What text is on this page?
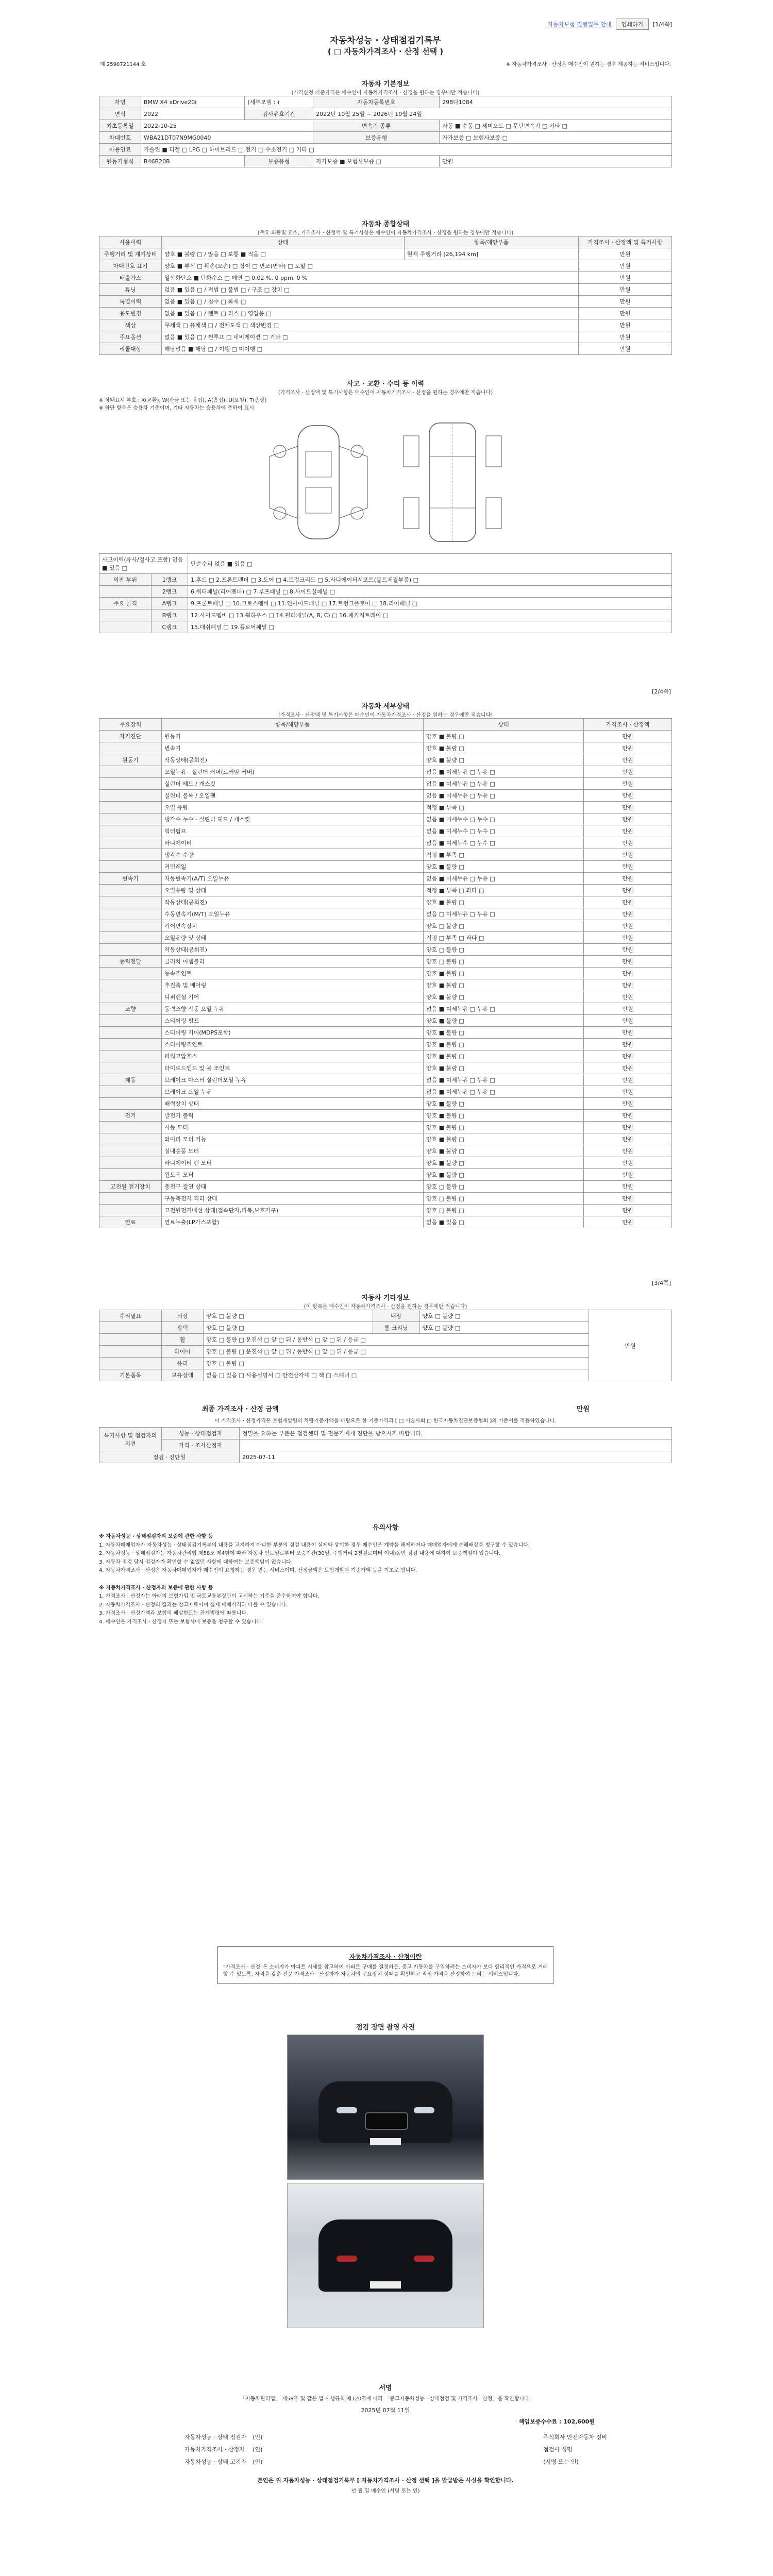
자동차보험 진행업무 안내	인쇄하기	[1/4쪽]
자동차성능 · 상태점검기록부
( □ 자동차가격조사 · 산정 선택 )
제 2590721144 호	※ 자동차가격조사 · 산정은 매수인이 원하는 경우 제공하는 서비스입니다.
자동차 기본정보
(가격산정 기준가격은 매수인이 자동차가격조사 · 산정을 원하는 경우에만 적습니다)
차명	BMW X4 xDrive20i	(세부모델 : )	자동차등록번호	298다1084
연식	2022	검사유효기간	2022년 10월 25일 ~ 2026년 10월 24일	
최초등록일	2022-10-25		변속기 종류	자동 ■ 수동 □ 세미오토 □ 무단변속기 □ 기타 □
차대번호	WBA21DT07N9MG0040		보증유형	자가보증 □ 보험사보증 □
사용연료	가솔린 ■ 디젤 □ LPG □ 하이브리드 □ 전기 □ 수소전기 □ 기타 □			
원동기형식	B46B20B	보증유형	자가보증 ■ 보험사보증 □	만원
자동차 종합상태
(주요 외관및 요소, 가격조사 · 산정액 및 특기사항은 매수인이 자동차가격조사 · 산정을 원하는 경우에만 적습니다)
사용이력	상태	항목/해당부품	가격조사 · 산정액 및 특기사항
주행거리 및 계기상태	양호 ■ 불량 □ / 많음 □ 보통 ■ 적음 □	현재 주행거리 [26,194 km]	만원
차대번호 표기	양호 ■ 부식 □ 훼손(오손) □ 상이 □ 변조(변타) □ 도말 □		만원
배출가스	일산화탄소 ■ 탄화수소 □ 매연 □ 0.02 %, 0 ppm, 0 %		만원
튜닝	없음 ■ 있음 □ / 적법 □ 불법 □ / 구조 □ 장치 □		만원
특별이력	없음 ■ 있음 □ / 침수 □ 화재 □		만원
용도변경	없음 ■ 있음 □ / 렌트 □ 리스 □ 영업용 □		만원
색상	무채색 □ 유채색 □ / 전체도색 □ 색상변경 □		만원
주요옵션	없음 ■ 있음 □ / 썬루프 □ 네비게이션 □ 기타 □		만원
리콜대상	해당없음 ■ 해당 □ / 이행 □ 미이행 □		만원
사고 · 교환 · 수리 등 이력
(가격조사 · 산정액 및 특기사항은 매수인이 자동차가격조사 · 산정을 원하는 경우에만 적습니다)
※ 상태표시 부호 : X(교환), W(판금 또는 용접), A(흠집), U(요철), T(손상)
※ 하단 항목은 승용차 기준이며, 기타 자동차는 승용차에 준하여 표시
사고이력(유사/결사고 포함) 없음 ■ 있음 □		단순수리 없음 ■ 있음 □
외판 부위	1랭크	1.후드 □ 2.프론트펜더 □ 3.도어 □ 4.트렁크리드 □ 5.라디에이터서포트(볼트체결부품) □
	2랭크	6.쿼터패널(리어펜더) □ 7.루프패널 □ 8.사이드실패널 □
주요 골격	A랭크	9.프론트패널 □ 10.크로스멤버 □ 11.인사이드패널 □ 17.트렁크플로어 □ 18.리어패널 □
	B랭크	12.사이드멤버 □ 13.휠하우스 □ 14.필러패널(A, B, C) □ 16.패키지트레이 □
	C랭크	15.대쉬패널 □ 19.플로어패널 □
[2/4쪽]
자동차 세부상태
(가격조사 · 산정액 및 특기사항은 매수인이 자동차가격조사 · 산정을 원하는 경우에만 적습니다)
주요장치	항목/해당부품	상태	가격조사 · 산정액
자기진단	원동기	양호 ■ 불량 □	만원
	변속기	양호 ■ 불량 □	만원
원동기	작동상태(공회전)	양호 ■ 불량 □	만원
	오일누유 · 실린더 커버(로커암 커버)	없음 ■ 미세누유 □ 누유 □	만원
	실린더 헤드 / 개스킷	없음 ■ 미세누유 □ 누유 □	만원
	실린더 블록 / 오일팬	없음 ■ 미세누유 □ 누유 □	만원
	오일 유량	적정 ■ 부족 □	만원
	냉각수 누수 · 실린더 헤드 / 개스킷	없음 ■ 미세누수 □ 누수 □	만원
	워터펌프	없음 ■ 미세누수 □ 누수 □	만원
	라디에이터	없음 ■ 미세누수 □ 누수 □	만원
	냉각수 수량	적정 ■ 부족 □	만원
	커먼레일	양호 ■ 불량 □	만원
변속기	자동변속기(A/T) 오일누유	없음 ■ 미세누유 □ 누유 □	만원
	오일유량 및 상태	적정 ■ 부족 □ 과다 □	만원
	작동상태(공회전)	양호 ■ 불량 □	만원
	수동변속기(M/T) 오일누유	없음 □ 미세누유 □ 누유 □	만원
	기어변속장치	양호 □ 불량 □	만원
	오일유량 및 상태	적정 □ 부족 □ 과다 □	만원
	작동상태(공회전)	양호 □ 불량 □	만원
동력전달	클러치 어셈블리	양호 □ 불량 □	만원
	등속조인트	양호 ■ 불량 □	만원
	추진축 및 베어링	양호 ■ 불량 □	만원
	디퍼렌셜 기어	양호 ■ 불량 □	만원
조향	동력조향 작동 오일 누유	없음 ■ 미세누유 □ 누유 □	만원
	스티어링 펌프	양호 ■ 불량 □	만원
	스티어링 기어(MDPS포함)	양호 ■ 불량 □	만원
	스티어링조인트	양호 ■ 불량 □	만원
	파워고압호스	양호 ■ 불량 □	만원
	타이로드엔드 및 볼 조인트	양호 ■ 불량 □	만원
제동	브레이크 마스터 실린더오일 누유	없음 ■ 미세누유 □ 누유 □	만원
	브레이크 오일 누유	없음 ■ 미세누유 □ 누유 □	만원
	배력장치 상태	양호 ■ 불량 □	만원
전기	발전기 출력	양호 ■ 불량 □	만원
	시동 모터	양호 ■ 불량 □	만원
	와이퍼 모터 기능	양호 ■ 불량 □	만원
	실내송풍 모터	양호 ■ 불량 □	만원
	라디에이터 팬 모터	양호 ■ 불량 □	만원
	윈도우 모터	양호 ■ 불량 □	만원
고전원 전기장치	충전구 절연 상태	양호 □ 불량 □	만원
	구동축전지 격리 상태	양호 □ 불량 □	만원
	고전원전기배선 상태(접속단자,피복,보호기구)	양호 □ 불량 □	만원
연료	연료누출(LP가스포함)	없음 ■ 있음 □	만원
[3/4쪽]
자동차 기타정보
(이 항목은 매수인이 자동차가격조사 · 산정을 원하는 경우에만 적습니다)
수리필요	외장	양호 □ 불량 □	내장	양호 □ 불량 □	만원
	광택	양호 □ 불량 □	룸 크리닝	양호 □ 불량 □	
	휠	양호 □ 불량 □ 운전석 □ 앞 □ 뒤 / 동반석 □ 앞 □ 뒤 / 응급 □			
	타이어	양호 □ 불량 □ 운전석 □ 앞 □ 뒤 / 동반석 □ 앞 □ 뒤 / 응급 □			
	유리	양호 □ 불량 □			
기본품목	보유상태	없음 □ 있음 □ 사용설명서 □ 안전삼각대 □ 잭 □ 스패너 □			
최종 가격조사 · 산정 금액	만원
이 가격조사 · 산정가격은 보험개발원의 차량기준가액을 바탕으로 한 기준가격과 [ □ 기술사회 □ 한국자동차진단보증협회 ]의 기준서를 적용하였습니다.
특기사항 및 점검자의 의견	성능 · 상태점검자	정밀을 요하는 부분은 점검센터 및 전문가에게 진단을 받으시기 바랍니다.
	가격 · 조사산정자	
점검 · 진단일		2025-07-11
유의사항

※ 자동차성능 · 상태점검자의 보증에 관한 사항 등

1. 자동차매매업자가 자동차성능 · 상태점검기록부의 내용을 고지하지 아니한 부분의 점검 내용이 실제와 상이한 경우 매수인은 계약을 해제하거나 매매업자에게 손해배상을 청구할 수 있습니다.

2. 자동차성능 · 상태점검자는 자동차관리법 제58조 제4항에 따라 자동차 인도일로부터 보증기간(30일, 주행거리 2천킬로미터 이내)동안 점검 내용에 대하여 보증책임이 있습니다.

3. 자동차 점검 당시 점검자가 확인할 수 없었던 사항에 대하여는 보증책임이 없습니다.

4. 자동차가격조사 · 산정은 자동차매매업자가 매수인이 요청하는 경우 받는 서비스이며, 산정금액은 보험개발원 기준가액 등을 기초로 합니다.

※ 자동차가격조사 · 산정자의 보증에 관한 사항 등

1. 가격조사 · 산정자는 아래의 보험가입 및 국토교통부장관이 고시하는 기준을 준수하여야 합니다.

2. 자동차가격조사 · 산정의 결과는 참고자료이며 실제 매매가격과 다를 수 있습니다.

3. 가격조사 · 산정가액과 보험의 배상한도는 관계법령에 따릅니다.

4. 매수인은 가격조사 · 산정자 또는 보험사에 보증을 청구할 수 있습니다.

자동차가격조사 · 산정이란
"가격조사 · 산정"은 소비자가 아파트 시세를 참고하여 아파트 구매를 결정하듯, 중고 자동차를 구입하려는 소비자가 보다 합리적인 가격으로 거래할 수 있도록, 자격을 갖춘 전문 가격조사 · 산정자가 자동차의 주요장치 상태를 확인하고 적정 가격을 산정하여 드리는 서비스입니다.
점검 장면 촬영 사진
서명
「자동차관리법」 제58조 및 같은 법 시행규칙 제120조에 따라 「중고자동차성능 · 상태점검 및 가격조사 · 산정」을 확인합니다.
2025년 07월 11일
책임보증수수료 : 102,600원
자동차성능 · 상태 점검자	(인)
자동차가격조사 · 산정자	(인)
자동차성능 · 상태 고지자	(인)
주식회사 안전자동차 정비
점검사 성명
(서명 또는 인)
본인은 위 자동차성능 · 상태점검기록부 [ 자동차가격조사 · 산정 선택 ]을 발급받은 사실을 확인합니다.
년 월 일 매수인 (서명 또는 인)
